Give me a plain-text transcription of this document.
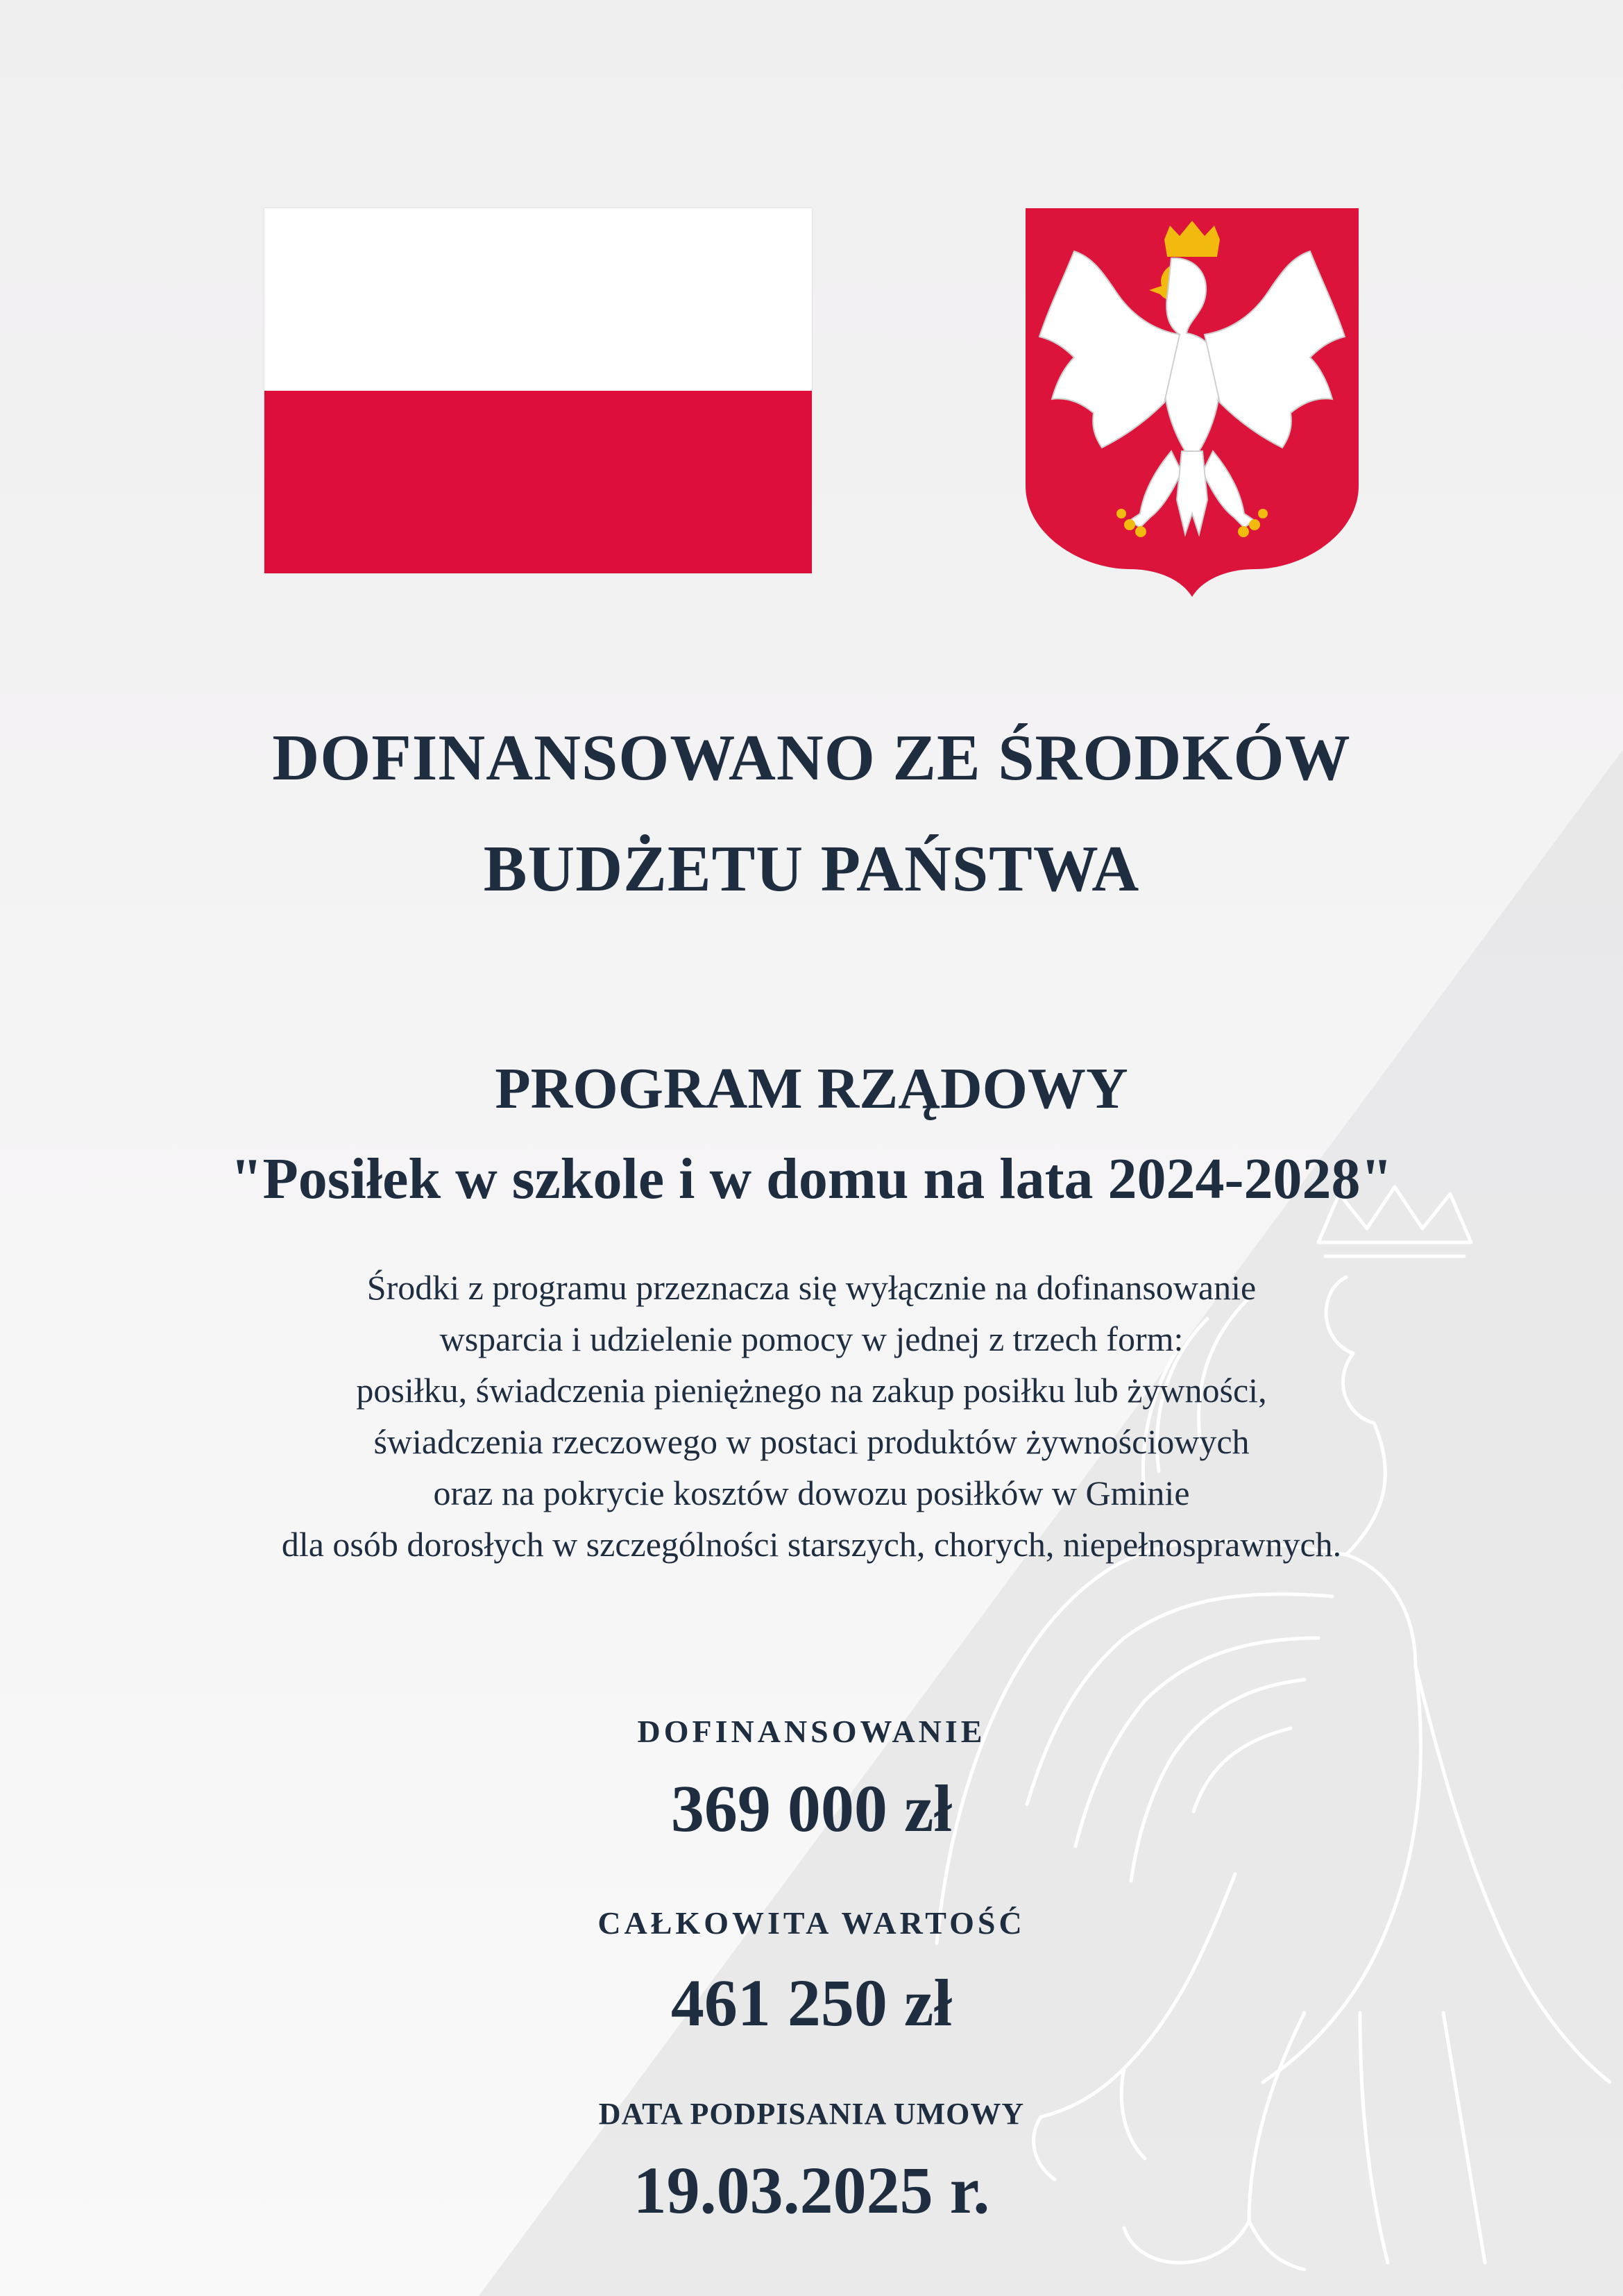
DOFINANSOWANO ZE ŚRODKÓW
BUDŻETU PAŃSTWA
PROGRAM RZĄDOWY
"Posiłek w szkole i w domu na lata 2024-2028"
Środki z programu przeznacza się wyłącznie na dofinansowanie
wsparcia i udzielenie pomocy w jednej z trzech form:
posiłku, świadczenia pieniężnego na zakup posiłku lub żywności,
świadczenia rzeczowego w postaci produktów żywnościowych
oraz na pokrycie kosztów dowozu posiłków w Gminie
dla osób dorosłych w szczególności starszych, chorych, niepełnosprawnych.
DOFINANSOWANIE
369 000 zł
CAŁKOWITA WARTOŚĆ
461 250 zł
DATA PODPISANIA UMOWY
19.03.2025 r.
